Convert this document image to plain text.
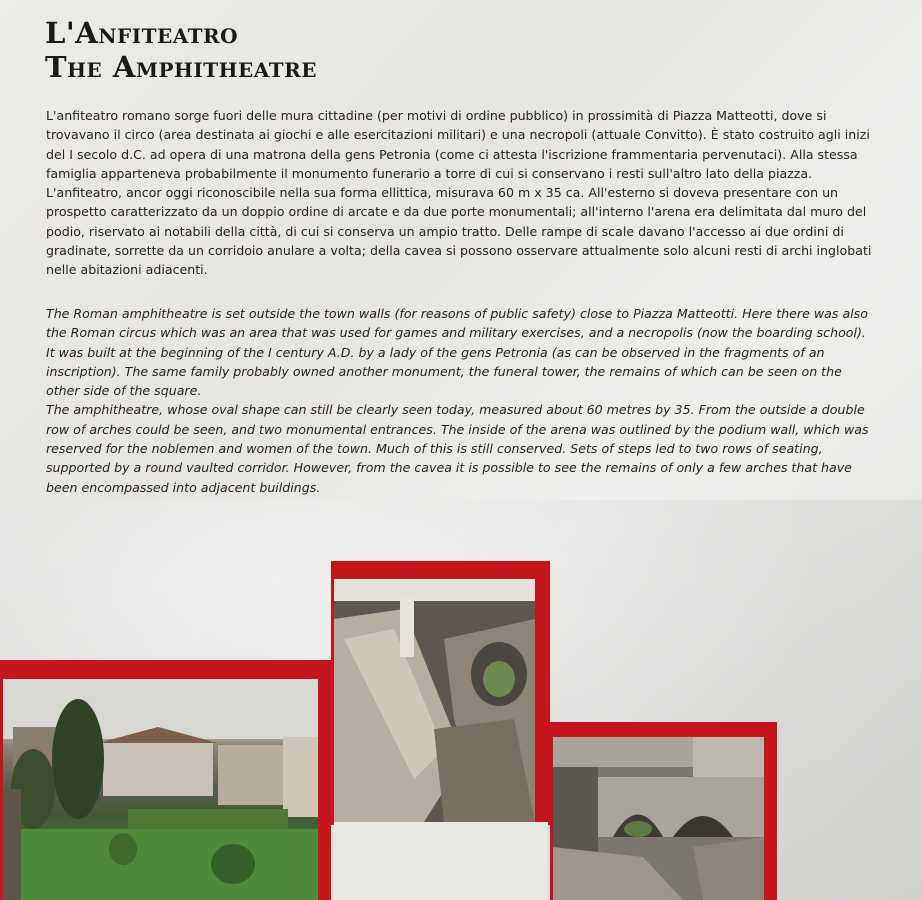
L'Anfiteatro
The Amphitheatre

L'anfiteatro romano sorge fuori delle mura cittadine (per motivi di ordine pubblico) in prossimità di Piazza Matteotti, dove si trovavano il circo (area destinata ai giochi e alle esercitazioni militari) e una necropoli (attuale Convitto). È stato costruito agli inizi del I secolo d.C. ad opera di una matrona della gens Petronia (come ci attesta l'iscrizione frammentaria pervenutaci). Alla stessa famiglia apparteneva probabilmente il monumento funerario a torre di cui si conservano i resti sull'altro lato della piazza.

L'anfiteatro, ancor oggi riconoscibile nella sua forma ellittica, misurava 60 m x 35 ca. All'esterno si doveva presentare con un prospetto caratterizzato da un doppio ordine di arcate e da due porte monumentali; all'interno l'arena era delimitata dal muro del podio, riservato ai notabili della città, di cui si conserva un ampio tratto. Delle rampe di scale davano l'accesso ai due ordini di gradinate, sorrette da un corridoio anulare a volta; della cavea si possono osservare attualmente solo alcuni resti di archi inglobati nelle abitazioni adiacenti.

The Roman amphitheatre is set outside the town walls (for reasons of public safety) close to Piazza Matteotti. Here there was also the Roman circus which was an area that was used for games and military exercises, and a necropolis (now the boarding school). It was built at the beginning of the I century A.D. by a lady of the gens Petronia (as can be observed in the fragments of an inscription). The same family probably owned another monument, the funeral tower, the remains of which can be seen on the other side of the square.

The amphitheatre, whose oval shape can still be clearly seen today, measured about 60 metres by 35. From the outside a double row of arches could be seen, and two monumental entrances. The inside of the arena was outlined by the podium wall, which was reserved for the noblemen and women of the town. Much of this is still conserved. Sets of steps led to two rows of seating, supported by a round vaulted corridor. However, from the cavea it is possible to see the remains of only a few arches that have been encompassed into adjacent buildings.
